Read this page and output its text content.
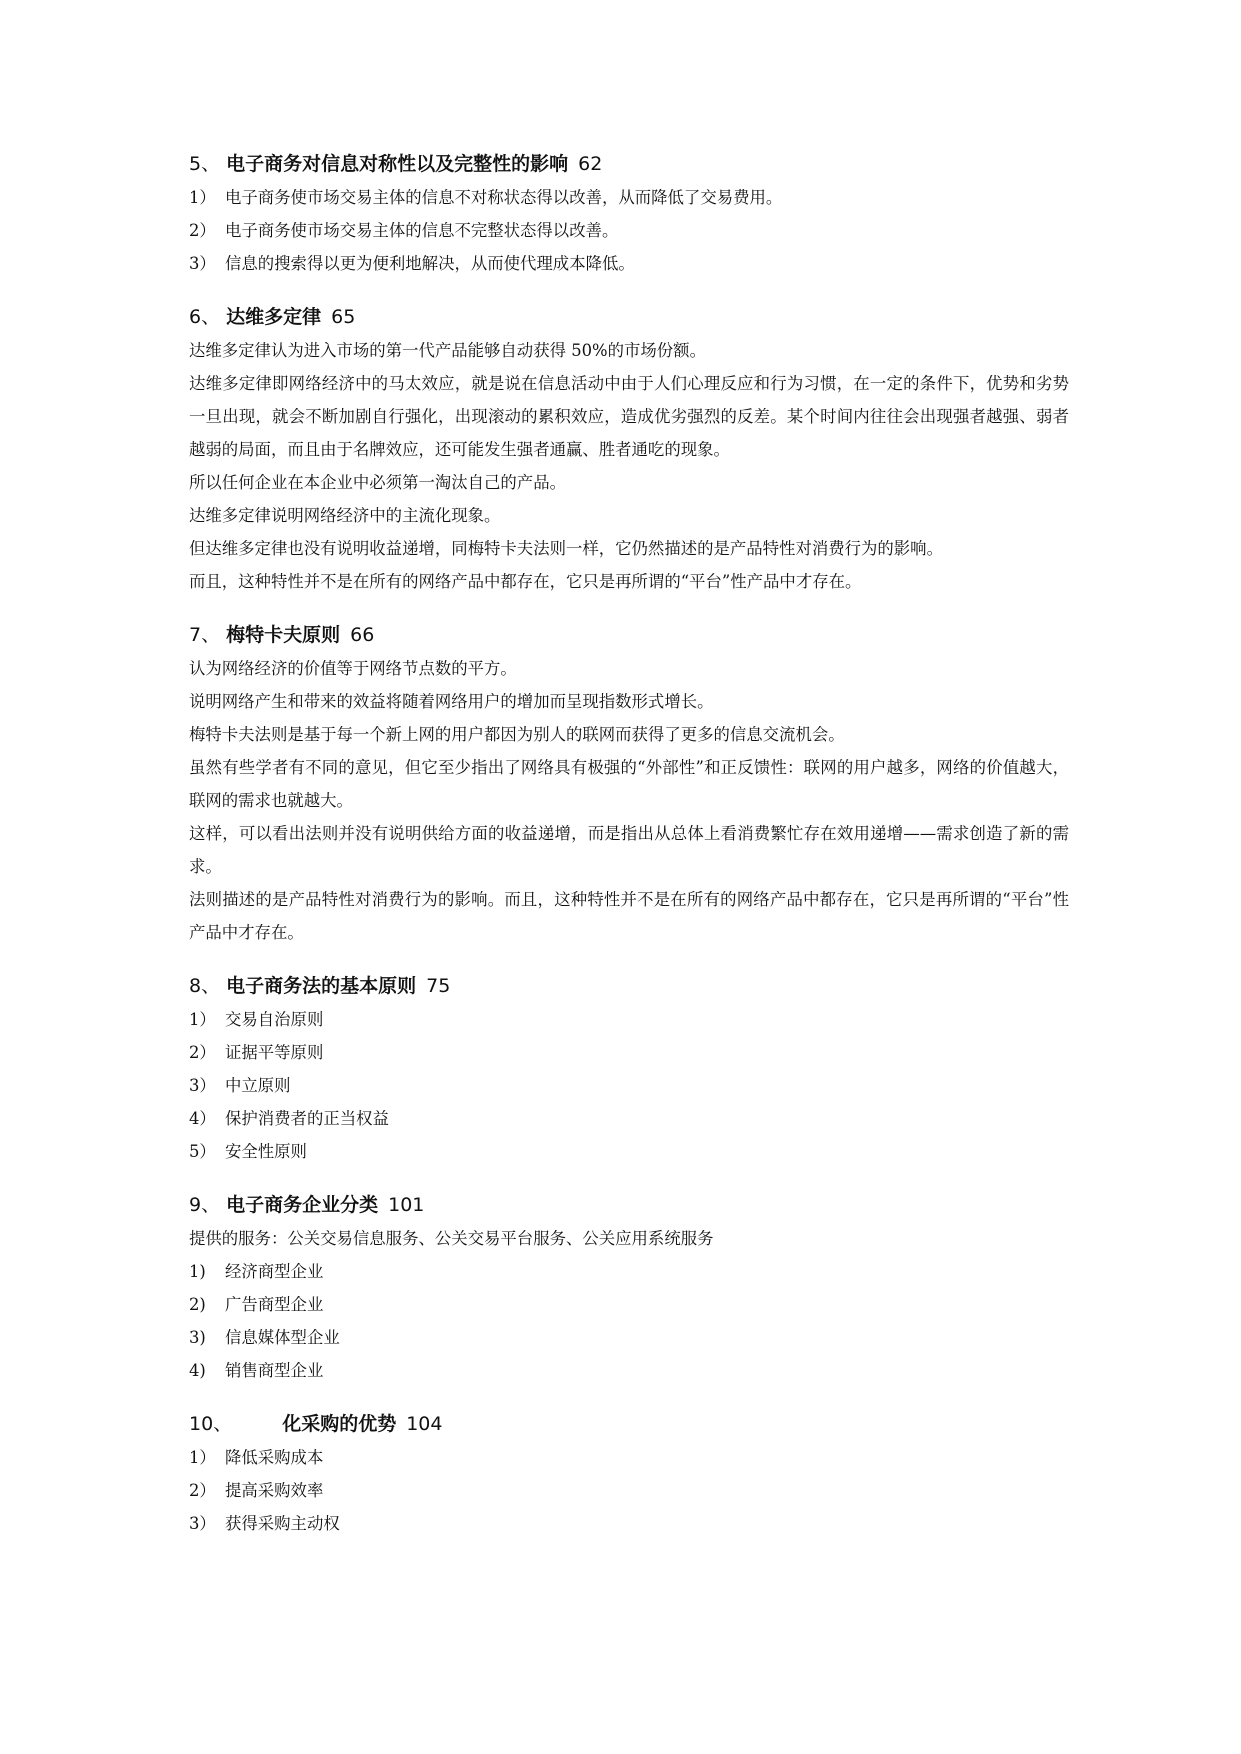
5、 电子商务对信息对称性以及完整性的影响 62
1） 电子商务使市场交易主体的信息不对称状态得以改善，从而降低了交易费用。
2） 电子商务使市场交易主体的信息不完整状态得以改善。
3） 信息的搜索得以更为便利地解决，从而使代理成本降低。
6、 达维多定律 65

达维多定律认为进入市场的第一代产品能够自动获得 50%的市场份额。

达维多定律即网络经济中的马太效应，就是说在信息活动中由于人们心理反应和行为习惯，在一定的条件下，优势和劣势一旦出现，就会不断加剧自行强化，出现滚动的累积效应，造成优劣强烈的反差。某个时间内往往会出现强者越强、弱者越弱的局面，而且由于名牌效应，还可能发生强者通赢、胜者通吃的现象。

所以任何企业在本企业中必须第一淘汰自己的产品。

达维多定律说明网络经济中的主流化现象。

但达维多定律也没有说明收益递增，同梅特卡夫法则一样，它仍然描述的是产品特性对消费行为的影响。

而且，这种特性并不是在所有的网络产品中都存在，它只是再所谓的“平台”性产品中才存在。

7、 梅特卡夫原则 66

认为网络经济的价值等于网络节点数的平方。

说明网络产生和带来的效益将随着网络用户的增加而呈现指数形式增长。

梅特卡夫法则是基于每一个新上网的用户都因为别人的联网而获得了更多的信息交流机会。

虽然有些学者有不同的意见，但它至少指出了网络具有极强的“外部性”和正反馈性：联网的用户越多，网络的价值越大，联网的需求也就越大。

这样，可以看出法则并没有说明供给方面的收益递增，而是指出从总体上看消费繁忙存在效用递增——需求创造了新的需求。

法则描述的是产品特性对消费行为的影响。而且，这种特性并不是在所有的网络产品中都存在，它只是再所谓的“平台”性产品中才存在。

8、 电子商务法的基本原则 75
1） 交易自治原则
2） 证据平等原则
3） 中立原则
4） 保护消费者的正当权益
5） 安全性原则
9、 电子商务企业分类 101

提供的服务：公关交易信息服务、公关交易平台服务、公关应用系统服务

1) 经济商型企业
2) 广告商型企业
3) 信息媒体型企业
4) 销售商型企业
10、	化采购的优势 104
1） 降低采购成本
2） 提高采购效率
3） 获得采购主动权
